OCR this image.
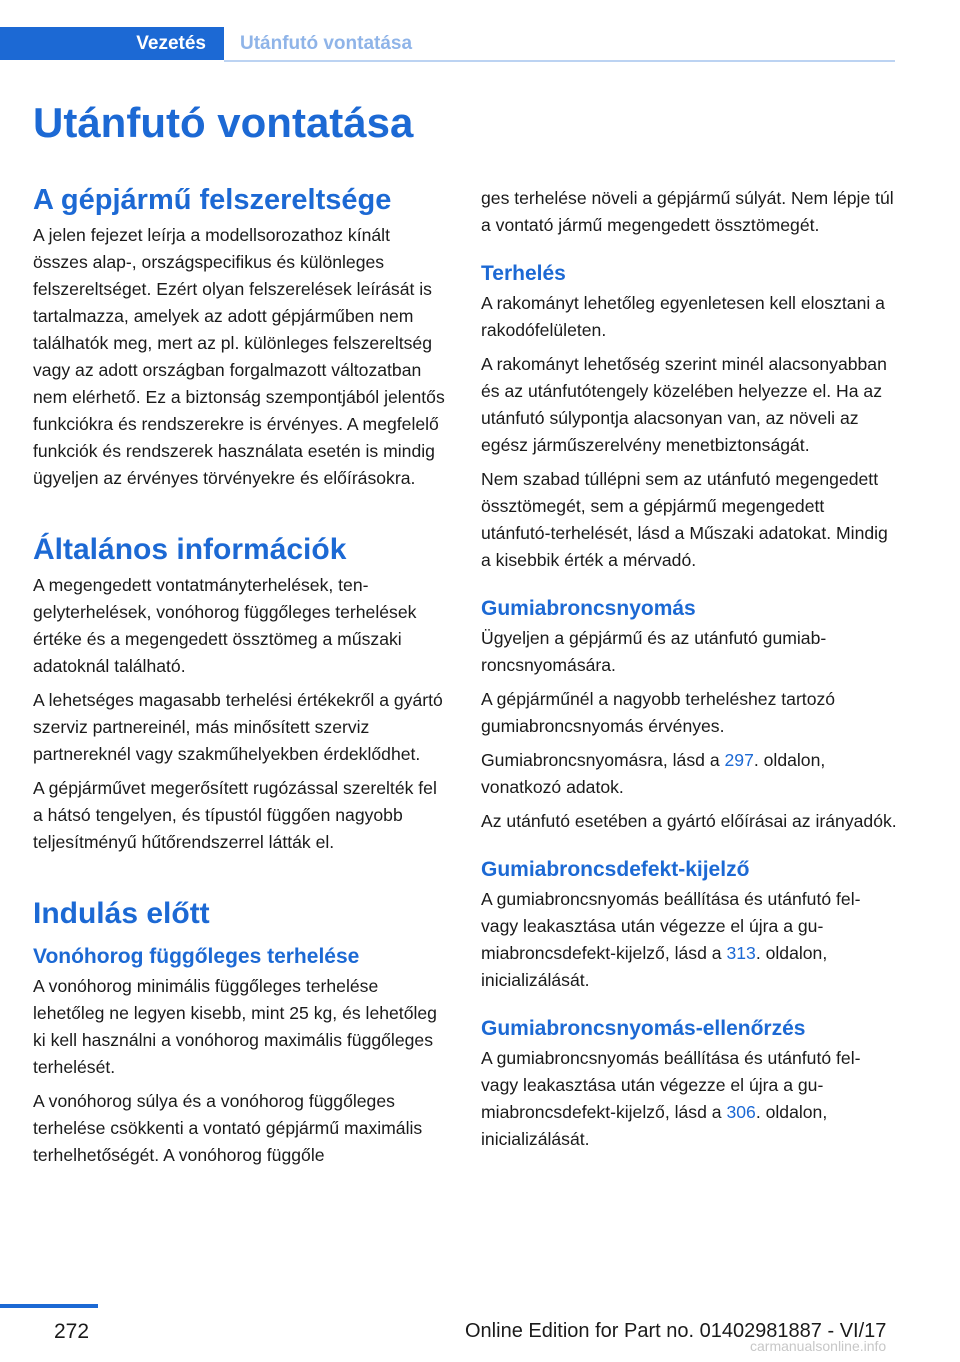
Vezetés Utánfutó vontatása
Utánfutó vontatása
A gépjármű felszereltsége

A jelen fejezet leírja a modellsorozathoz kínált összes alap-, országspecifikus és különleges felszereltséget. Ezért olyan felszerelések leírását is tartalmazza, amelyek az adott gépjárműben nem találhatók meg, mert az pl. különleges felszereltség vagy az adott országban forgalmazott változatban nem elérhető. Ez a biztonság szempontjából jelentős funkciókra és rendszerekre is érvényes. A megfelelő funkciók és rendszerek használata esetén is mindig ügyeljen az érvényes törvényekre és előírásokra.

Általános információk

A megengedett vontatmányterhelések, tengelyterhelések, vonóhorog függőleges terhelések értéke és a megengedett össztömeg a műszaki adatoknál található.

A lehetséges magasabb terhelési értékekről a gyártó szerviz partnereinél, más minősített szerviz partnereknél vagy szakműhelyekben érdeklődhet.

A gépjárművet megerősített rugózással szerelték fel a hátsó tengelyen, és típustól függően nagyobb teljesítményű hűtőrendszerrel látták el.

Indulás előtt
Vonóhorog függőleges terhelése

A vonóhorog minimális függőleges terhelése lehetőleg ne legyen kisebb, mint 25 kg, és lehetőleg ki kell használni a vonóhorog maximális függőleges terhelését.

A vonóhorog súlya és a vonóhorog függőleges terhelése csökkenti a vontató gépjármű maximális terhelhetőségét. A vonóhorog függőle

ges terhelése növeli a gépjármű súlyát. Nem lépje túl a vontató jármű megengedett össztömegét.

Terhelés

A rakományt lehetőleg egyenletesen kell elosztani a rakodófelületen.

A rakományt lehetőség szerint minél alacsonyabban és az utánfutótengely közelében helyezze el. Ha az utánfutó súlypontja alacsonyan van, az növeli az egész járműszerelvény menetbiztonságát.

Nem szabad túllépni sem az utánfutó megengedett össztömegét, sem a gépjármű megengedett utánfutó-terhelését, lásd a Műszaki adatokat. Mindig a kisebbik érték a mérvadó.

Gumiabroncsnyomás

Ügyeljen a gépjármű és az utánfutó gumiabroncsnyomására.

A gépjárműnél a nagyobb terheléshez tartozó gumiabroncsnyomás érvényes.

Gumiabroncsnyomásra, lásd a 297. oldalon, vonatkozó adatok.

Az utánfutó esetében a gyártó előírásai az irányadók.

Gumiabroncsdefekt-kijelző

A gumiabroncsnyomás beállítása és utánfutó fel- vagy leakasztása után végezze el újra a gumiabroncsdefekt-kijelző, lásd a 313. oldalon, inicializálását.

Gumiabroncsnyomás-ellenőrzés

A gumiabroncsnyomás beállítása és utánfutó fel- vagy leakasztása után végezze el újra a gumiabroncsdefekt-kijelző, lásd a 306. oldalon, inicializálását.

272	Online Edition for Part no. 01402981887 - VI/17
carmanualsonline.info
